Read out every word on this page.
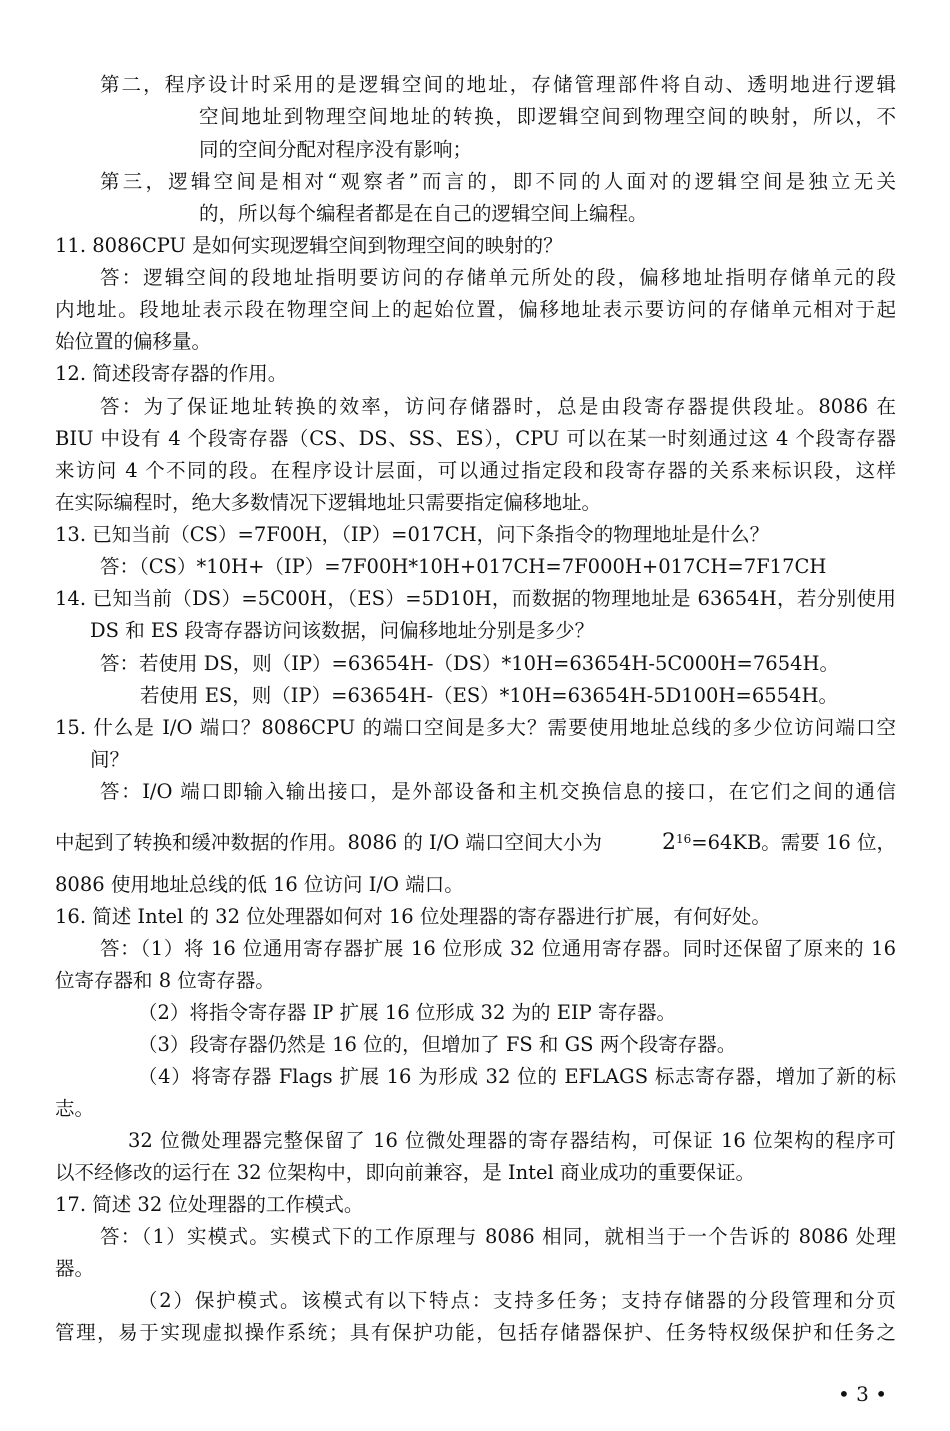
第二，程序设计时采用的是逻辑空间的地址，存储管理部件将自动、透明地进行逻辑
空间地址到物理空间地址的转换，即逻辑空间到物理空间的映射，所以，不
同的空间分配对程序没有影响；
第三，逻辑空间是相对“观察者”而言的，即不同的人面对的逻辑空间是独立无关
的，所以每个编程者都是在自己的逻辑空间上编程。
11. 8086CPU 是如何实现逻辑空间到物理空间的映射的？
答：逻辑空间的段地址指明要访问的存储单元所处的段，偏移地址指明存储单元的段
内地址。段地址表示段在物理空间上的起始位置，偏移地址表示要访问的存储单元相对于起
始位置的偏移量。
12. 简述段寄存器的作用。
答：为了保证地址转换的效率，访问存储器时，总是由段寄存器提供段址。8086 在
BIU 中设有 4 个段寄存器（CS、DS、SS、ES），CPU 可以在某一时刻通过这 4 个段寄存器
来访问 4 个不同的段。在程序设计层面，可以通过指定段和段寄存器的关系来标识段，这样
在实际编程时，绝大多数情况下逻辑地址只需要指定偏移地址。
13. 已知当前（CS）=7F00H，（IP）=017CH，问下条指令的物理地址是什么？
答：（CS）*10H+（IP）=7F00H*10H+017CH=7F000H+017CH=7F17CH
14. 已知当前（DS）=5C00H，（ES）=5D10H，而数据的物理地址是 63654H，若分别使用
DS 和 ES 段寄存器访问该数据，问偏移地址分别是多少？
答：若使用 DS，则（IP）=63654H-（DS）*10H=63654H-5C000H=7654H。
若使用 ES，则（IP）=63654H-（ES）*10H=63654H-5D100H=6554H。
15. 什么是 I/O 端口？8086CPU 的端口空间是多大？需要使用地址总线的多少位访问端口空
间？
答：I/O 端口即输入输出接口，是外部设备和主机交换信息的接口，在它们之间的通信
中起到了转换和缓冲数据的作用。8086 的 I/O 端口空间大小为	$2^{16}=64KB$。需要 16 位，
8086 使用地址总线的低 16 位访问 I/O 端口。
16. 简述 Intel 的 32 位处理器如何对 16 位处理器的寄存器进行扩展，有何好处。
答：（1）将 16 位通用寄存器扩展 16 位形成 32 位通用寄存器。同时还保留了原来的 16
位寄存器和 8 位寄存器。
（2）将指令寄存器 IP 扩展 16 位形成 32 为的 EIP 寄存器。
（3）段寄存器仍然是 16 位的，但增加了 FS 和 GS 两个段寄存器。
（4）将寄存器 Flags 扩展 16 为形成 32 位的 EFLAGS 标志寄存器，增加了新的标
志。
32 位微处理器完整保留了 16 位微处理器的寄存器结构，可保证 16 位架构的程序可
以不经修改的运行在 32 位架构中，即向前兼容，是 Intel 商业成功的重要保证。
17. 简述 32 位处理器的工作模式。
答：（1）实模式。实模式下的工作原理与 8086 相同，就相当于一个告诉的 8086 处理
器。
（2）保护模式。该模式有以下特点：支持多任务；支持存储器的分段管理和分页
管理，易于实现虚拟操作系统；具有保护功能，包括存储器保护、任务特权级保护和任务之
• 3 •
